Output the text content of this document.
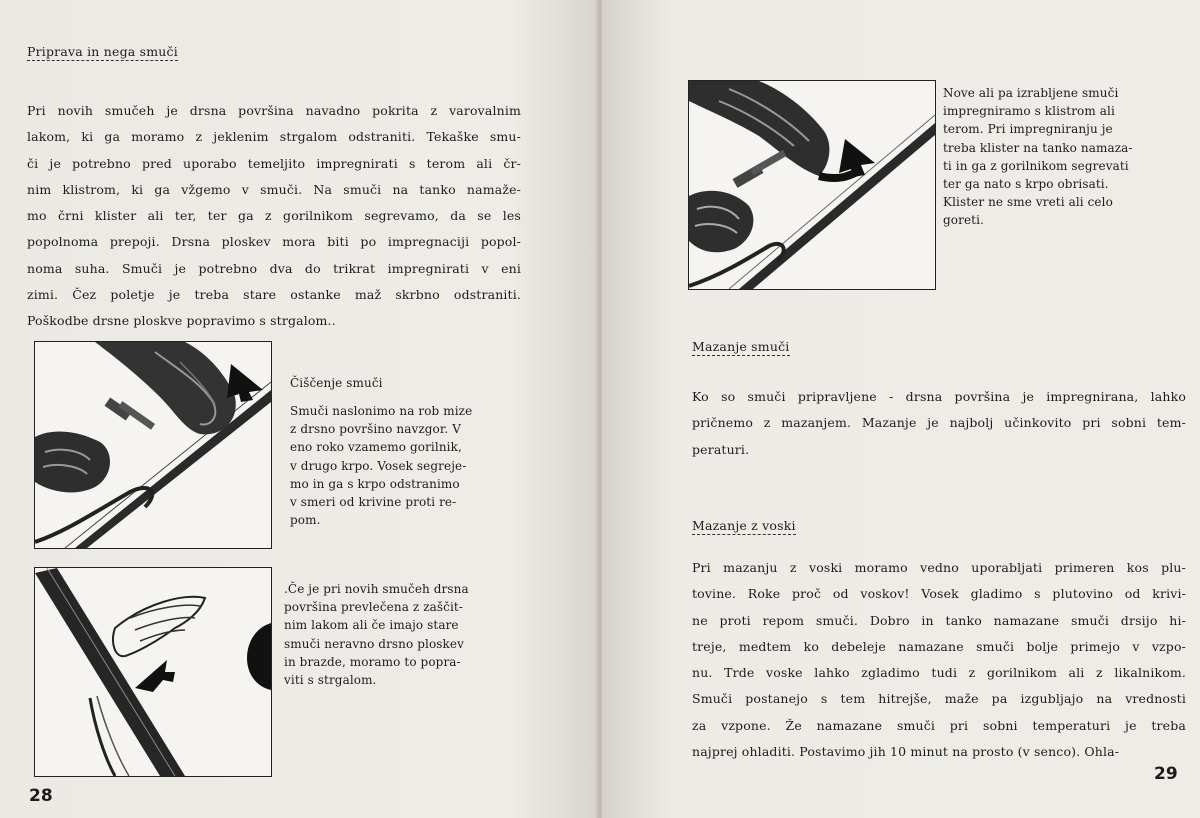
Priprava in nega smuči

Pri novih smučeh je drsna površina navadno pokrita z varovalnim

lakom, ki ga moramo z jeklenim strgalom odstraniti. Tekaške smu-

či je potrebno pred uporabo temeljito impregnirati s terom ali čr-

nim klistrom, ki ga vžgemo v smuči. Na smuči na tanko namaže-

mo črni klister ali ter, ter ga z gorilnikom segrevamo, da se les

popolnoma prepoji. Drsna ploskev mora biti po impregnaciji popol-

noma suha. Smuči je potrebno dva do trikrat impregnirati v eni

zimi. Čez poletje je treba stare ostanke maž skrbno odstraniti.

Poškodbe drsne ploskve popravimo s strgalom..

Čiščenje smuči
Smuči naslonimo na rob mize
z drsno površino navzgor. V
eno roko vzamemo gorilnik,
v drugo krpo. Vosek segreje-
mo in ga s krpo odstranimo
v smeri od krivine proti re-
pom.
.Če je pri novih smučeh drsna
površina prevlečena z zaščit-
nim lakom ali če imajo stare
smuči neravno drsno ploskev
in brazde, moramo to popra-
viti s strgalom.
28
Nove ali pa izrabljene smuči
impregniramo s klistrom ali
terom. Pri impregniranju je
treba klister na tanko namaza-
ti in ga z gorilnikom segrevati
ter ga nato s krpo obrisati.
Klister ne sme vreti ali celo
goreti.
Mazanje smuči

Ko so smuči pripravljene - drsna površina je impregnirana, lahko

pričnemo z mazanjem. Mazanje je najbolj učinkovito pri sobni tem-

peraturi.

Mazanje z voski

Pri mazanju z voski moramo vedno uporabljati primeren kos plu-

tovine. Roke proč od voskov! Vosek gladimo s plutovino od krivi-

ne proti repom smuči. Dobro in tanko namazane smuči drsijo hi-

treje, medtem ko debeleje namazane smuči bolje primejo v vzpo-

nu. Trde voske lahko zgladimo tudi z gorilnikom ali z likalnikom.

Smuči postanejo s tem hitrejše, maže pa izgubljajo na vrednosti

za vzpone. Že namazane smuči pri sobni temperaturi je treba

najprej ohladiti. Postavimo jih 10 minut na prosto (v senco). Ohla-

29
